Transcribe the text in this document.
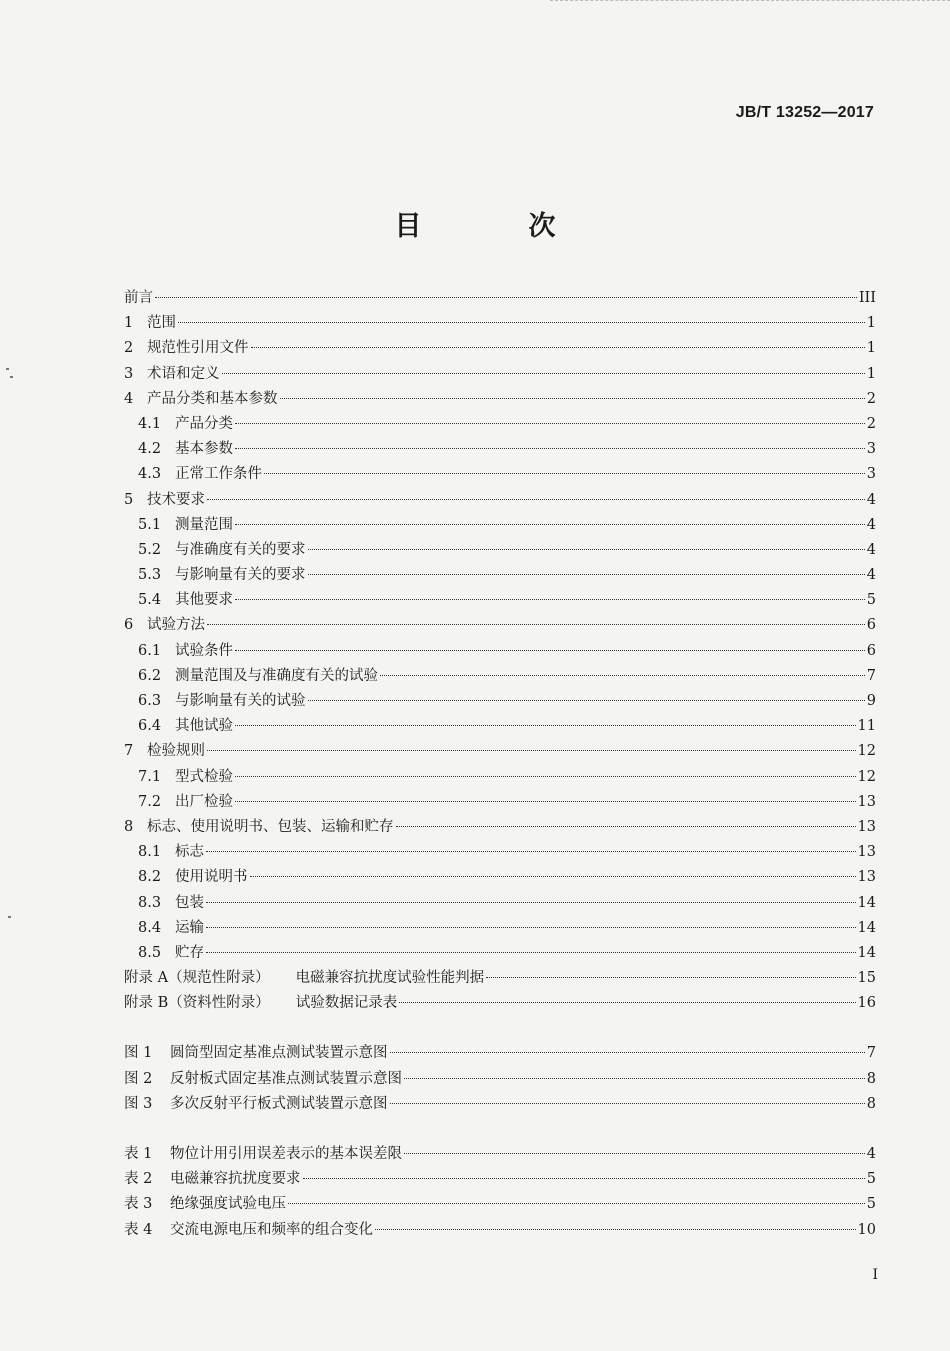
JB/T 13252—2017
目　次
前言	III
1 范围	1
2 规范性引用文件	1
3 术语和定义	1
4 产品分类和基本参数	2
4.1 产品分类	2
4.2 基本参数	3
4.3 正常工作条件	3
5 技术要求	4
5.1 测量范围	4
5.2 与准确度有关的要求	4
5.3 与影响量有关的要求	4
5.4 其他要求	5
6 试验方法	6
6.1 试验条件	6
6.2 测量范围及与准确度有关的试验	7
6.3 与影响量有关的试验	9
6.4 其他试验	11
7 检验规则	12
7.1 型式检验	12
7.2 出厂检验	13
8 标志、使用说明书、包装、运输和贮存	13
8.1 标志	13
8.2 使用说明书	13
8.3 包装	14
8.4 运输	14
8.5 贮存	14
附录 A（规范性附录） 电磁兼容抗扰度试验性能判据	15
附录 B（资料性附录） 试验数据记录表	16
图 1	圆筒型固定基准点测试装置示意图	7
图 2	反射板式固定基准点测试装置示意图	8
图 3	多次反射平行板式测试装置示意图	8
表 1	物位计用引用误差表示的基本误差限	4
表 2	电磁兼容抗扰度要求	5
表 3	绝缘强度试验电压	5
表 4	交流电源电压和频率的组合变化	10
I
